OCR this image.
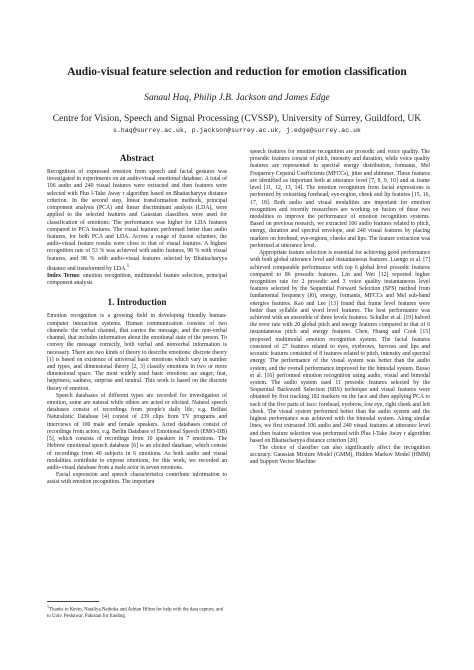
Audio-visual feature selection and reduction for emotion classification
Sanaul Haq, Philip J.B. Jackson and James Edge
Centre for Vision, Speech and Signal Processing (CVSSP), University of Surrey, Guildford, UK
s.haq@surrey.ac.uk, p.jackson@surrey.ac.uk, j.edge@surrey.ac.uk
Abstract

Recognition of expressed emotion from speech and facial gestures was investigated in experiments on an audio-visual emotional database. A total of 106 audio and 240 visual features were extracted and then features were selected with Plus l-Take Away r algorithm based on Bhattacharyya distance criterion. In the second step, linear transformation methods, principal component analysis (PCA) and linear discriminant analysis (LDA), were applied to the selected features and Gaussian classifiers were used for classification of emotions. The performance was higher for LDA features compared to PCA features. The visual features performed better than audio features, for both PCA and LDA. Across a range of fusion schemes, the audio-visual feature results were close to that of visual features. A highest recognition rate of 53 % was achieved with audio features, 98 % with visual features, and 98 % with audio-visual features selected by Bhattacharyya distance and transformed by LDA.$^1$

Index Terms: emotion recognition, multimodal feature selection, principal component analysis

1. Introduction

Emotion recognition is a growing field in developing friendly human-computer interaction systems. Human communication consists of two channels: the verbal channel, that carries the message, and the non-verbal channel, that includes information about the emotional state of the person. To convey the message correctly, both verbal and nonverbal information is necessary. There are two kinds of theory to describe emotions: discrete theory [1] is based on existence of universal basic emotions which vary in number and types, and dimensional theory [2, 3] classify emotions in two or more dimensional space. The most widely used basic emotions are anger, fear, happiness, sadness, surprise and neutral. This work is based on the discrete theory of emotion.

Speech databases of different types are recorded for investigation of emotion, some are natural while others are acted or elicited. Natural speech databases consist of recordings from people's daily life, e.g. Belfast Naturalistic Database [4] consist of 239 clips from TV programs and interviews of 100 male and female speakers. Acted databases consist of recordings from actors, e.g. Berlin Database of Emotional Speech (EMO-DB) [5], which consists of recordings from 10 speakers in 7 emotions. The Hebrew emotional speech database [6] is an elicited database, which consist of recordings from 40 subjects in 6 emotions. As both audio and visual modalities contribute to express emotions, for this work, we recorded an audio-visual database from a male actor in seven emotions.

Facial expression and speech characteristics contribute information to assist with emotion recognition. The important

speech features for emotion recognition are prosodic and voice quality. The prosodic features consist of pitch, intensity and duration, while voice quality features are represented in spectral energy distribution, formants, Mel Frequency Cepstral Coefficients (MFCCs), jitter and shimmer. These features are identified as important both at utterance level [7, 8, 9, 10] and at frame level [11, 12, 13, 14]. The emotion recognition from facial expressions is performed by extracting forehead, eye-region, cheek and lip features [15, 16, 17, 18]. Both audio and visual modalities are important for emotion recognition and recently researchers are working on fusion of these two modalities to improve the performance of emotion recognition systems. Based on previous research, we extracted 106 audio features related to pitch, energy, duration and spectral envelope, and 240 visual features by placing markers on forehead, eye-regions, cheeks and lips. The feature extraction was performed at utterance level.

Appropriate feature selection is essential for achieving good performance with both global utterance level and instantaneous features. Luengo et al. [7] achieved comparable performance with top 6 global level prosodic features compared to 86 prosodic features. Lin and Wei [12] reported higher recognition rate for 2 prosodic and 3 voice quality instantaneous level features selected by the Sequential Forward Selection (SFS) method from fundamental frequency (f0), energy, formants, MFCCs and Mel sub-band energies features. Kao and Lee [13] found that frame level features were better than syllable and word level features. The best performance was achieved with an ensemble of three levels features. Schuller et al. [19] halved the error rate with 20 global pitch and energy features compared to that of 6 instantaneous pitch and energy features. Chen, Huang and Cook [15] proposed multimodal emotion recognition system. The facial features consisted of 27 features related to eyes, eyebrows, furrows and lips and acoustic features consisted of 8 features related to pitch, intensity and spectral energy. The performance of the visual system was better than the audio system, and the overall performance improved for the bimodal system. Busso et al. [16] performed emotion recognition using audio, visual and bimodal system. The audio system used 11 prosodic features selected by the Sequential Backward Selection (SBS) technique and visual features were obtained by first tracking 102 markers on the face and then applying PCA to each of the five parts of face: forehead, eyebrow, low eye, right cheek and left cheek. The visual system performed better than the audio system and the highest performance was achieved with the bimodal system. Along similar lines, we first extracted 106 audio and 240 visual features at utterance level and then feature selection was performed with Plus l-Take Away r algorithm based on Bhattacharyya distance criterion [20].

The choice of classifier can also significantly affect the recognition accuracy. Gaussian Mixture Model (GMM), Hidden Markov Model (HMM) and Support Vector Machine

$^1$Thanks to Kevin, Nataliya Nadtoka and Adrian Hilton for help with the data capture, and to Univ. Peshawar, Pakistan for funding.
